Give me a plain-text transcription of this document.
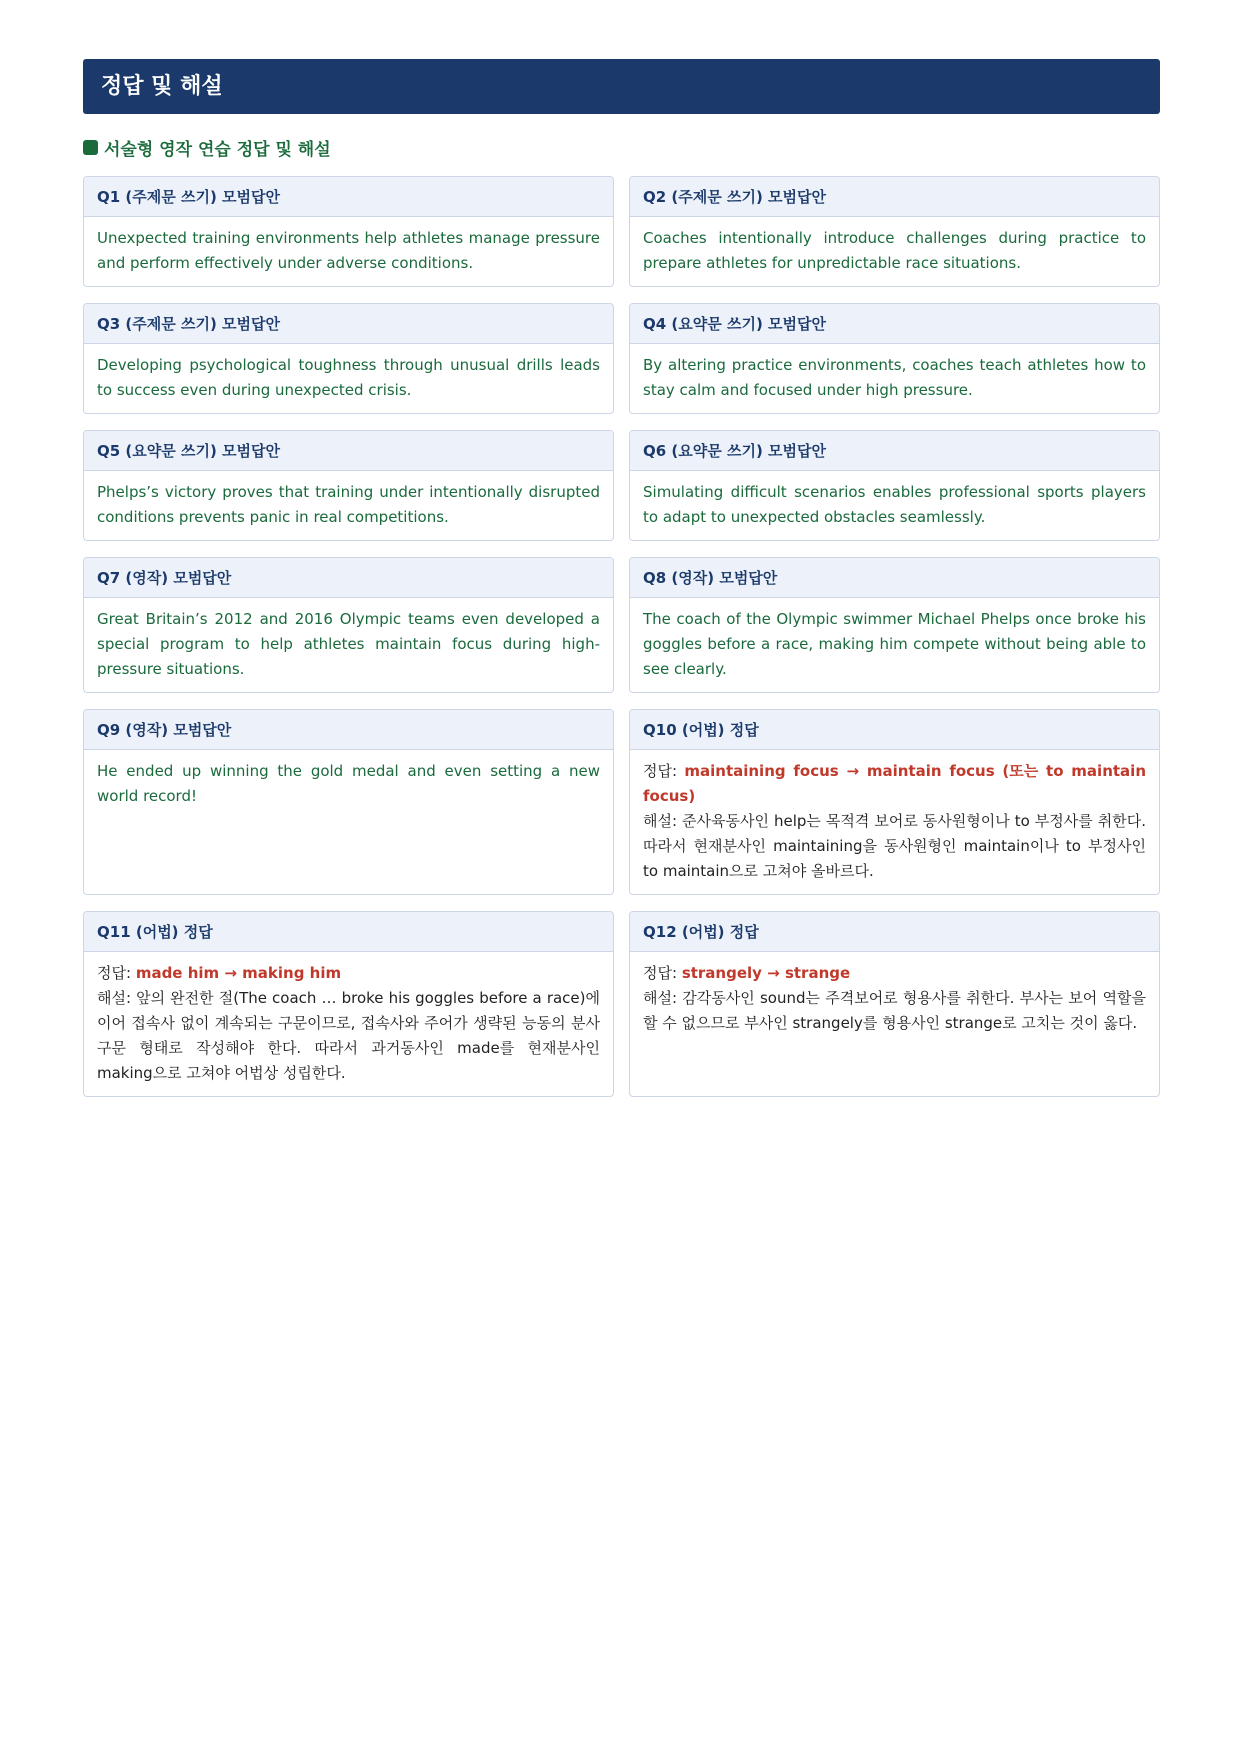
정답 및 해설
서술형 영작 연습 정답 및 해설
Q1 (주제문 쓰기) 모범답안
Unexpected training environments help athletes manage pressure and perform effectively under adverse conditions.
Q2 (주제문 쓰기) 모범답안
Coaches intentionally introduce challenges during practice to prepare athletes for unpredictable race situations.
Q3 (주제문 쓰기) 모범답안
Developing psychological toughness through unusual drills leads to success even during unexpected crisis.
Q4 (요약문 쓰기) 모범답안
By altering practice environments, coaches teach athletes how to stay calm and focused under high pressure.
Q5 (요약문 쓰기) 모범답안
Phelps’s victory proves that training under intentionally disrupted conditions prevents panic in real competitions.
Q6 (요약문 쓰기) 모범답안
Simulating difficult scenarios enables professional sports players to adapt to unexpected obstacles seamlessly.
Q7 (영작) 모범답안
Great Britain’s 2012 and 2016 Olympic teams even developed a special program to help athletes maintain focus during high-pressure situations.
Q8 (영작) 모범답안
The coach of the Olympic swimmer Michael Phelps once broke his goggles before a race, making him compete without being able to see clearly.
Q9 (영작) 모범답안
He ended up winning the gold medal and even setting a new world record!
Q10 (어법) 정답
정답: maintaining focus → maintain focus (또는 to maintain focus)
해설: 준사육동사인 help는 목적격 보어로 동사원형이나 to 부정사를 취한다. 따라서 현재분사인 maintaining을 동사원형인 maintain이나 to 부정사인 to maintain으로 고쳐야 올바르다.
Q11 (어법) 정답
정답: made him → making him
해설: 앞의 완전한 절(The coach … broke his goggles before a race)에 이어 접속사 없이 계속되는 구문이므로, 접속사와 주어가 생략된 능동의 분사구문 형태로 작성해야 한다. 따라서 과거동사인 made를 현재분사인 making으로 고쳐야 어법상 성립한다.
Q12 (어법) 정답
정답: strangely → strange
해설: 감각동사인 sound는 주격보어로 형용사를 취한다. 부사는 보어 역할을 할 수 없으므로 부사인 strangely를 형용사인 strange로 고치는 것이 옳다.
